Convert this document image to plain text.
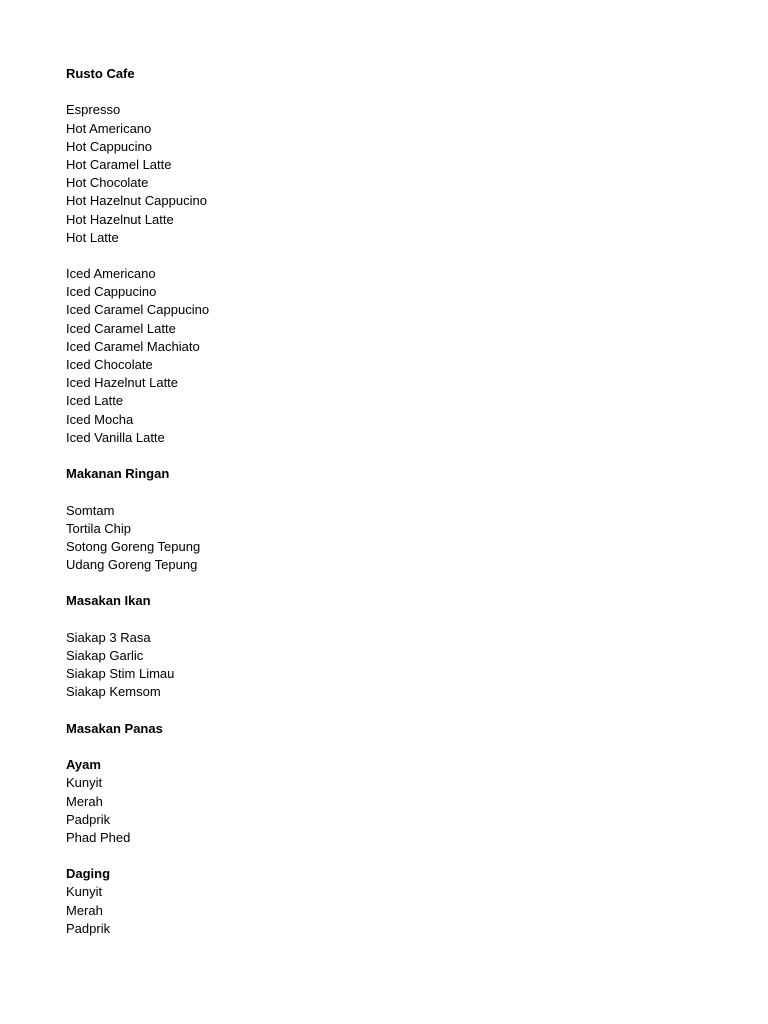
Rusto Cafe
Espresso
Hot Americano
Hot Cappucino
Hot Caramel Latte
Hot Chocolate
Hot Hazelnut Cappucino
Hot Hazelnut Latte
Hot Latte
Iced Americano
Iced Cappucino
Iced Caramel Cappucino
Iced Caramel Latte
Iced Caramel Machiato
Iced Chocolate
Iced Hazelnut Latte
Iced Latte
Iced Mocha
Iced Vanilla Latte
Makanan Ringan
Somtam
Tortila Chip
Sotong Goreng Tepung
Udang Goreng Tepung
Masakan Ikan
Siakap 3 Rasa
Siakap Garlic
Siakap Stim Limau
Siakap Kemsom
Masakan Panas
Ayam
Kunyit
Merah
Padprik
Phad Phed
Daging
Kunyit
Merah
Padprik
